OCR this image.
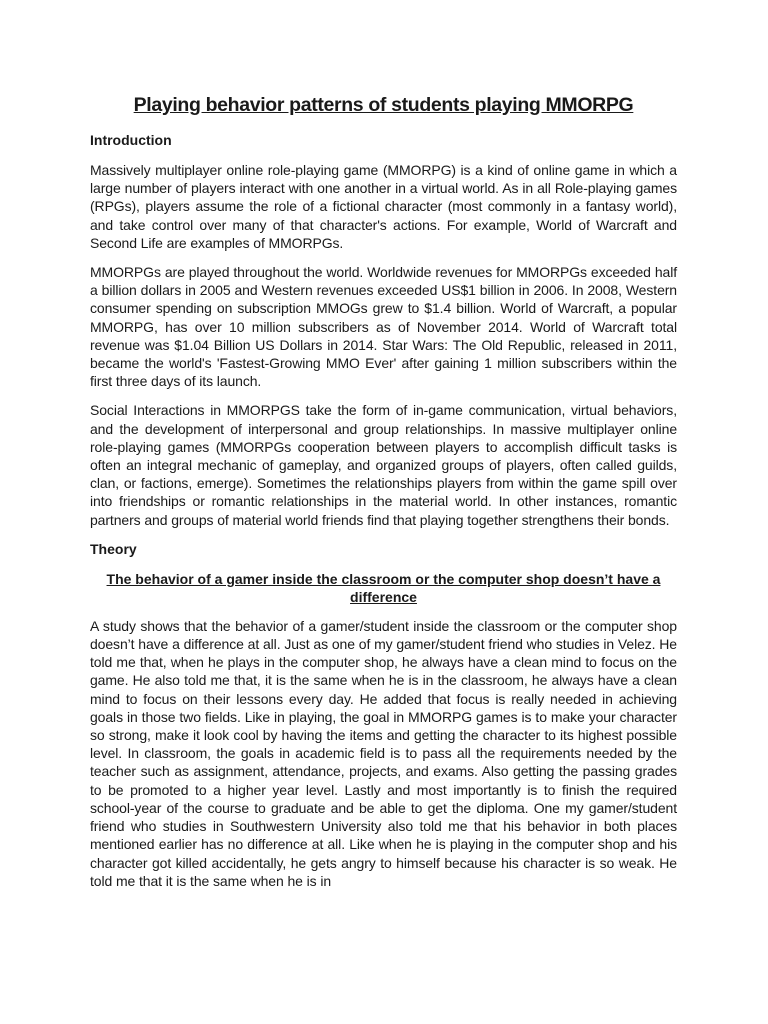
Playing behavior patterns of students playing MMORPG
Introduction

Massively multiplayer online role-playing game (MMORPG) is a kind of online game in which a large number of players interact with one another in a virtual world. As in all Role-playing games (RPGs), players assume the role of a fictional character (most commonly in a fantasy world), and take control over many of that character's actions. For example, World of Warcraft and Second Life are examples of MMORPGs.

MMORPGs are played throughout the world. Worldwide revenues for MMORPGs exceeded half a billion dollars in 2005 and Western revenues exceeded US$1 billion in 2006. In 2008, Western consumer spending on subscription MMOGs grew to $1.4 billion. World of Warcraft, a popular MMORPG, has over 10 million subscribers as of November 2014. World of Warcraft total revenue was $1.04 Billion US Dollars in 2014. Star Wars: The Old Republic, released in 2011, became the world's 'Fastest-Growing MMO Ever' after gaining 1 million subscribers within the first three days of its launch.

Social Interactions in MMORPGS take the form of in-game communication, virtual behaviors, and the development of interpersonal and group relationships. In massive multiplayer online role-playing games (MMORPGs cooperation between players to accomplish difficult tasks is often an integral mechanic of gameplay, and organized groups of players, often called guilds, clan, or factions, emerge). Sometimes the relationships players from within the game spill over into friendships or romantic relationships in the material world. In other instances, romantic partners and groups of material world friends find that playing together strengthens their bonds.

Theory
The behavior of a gamer inside the classroom or the computer shop doesn’t have a difference

A study shows that the behavior of a gamer/student inside the classroom or the computer shop doesn’t have a difference at all. Just as one of my gamer/student friend who studies in Velez. He told me that, when he plays in the computer shop, he always have a clean mind to focus on the game. He also told me that, it is the same when he is in the classroom, he always have a clean mind to focus on their lessons every day. He added that focus is really needed in achieving goals in those two fields. Like in playing, the goal in MMORPG games is to make your character so strong, make it look cool by having the items and getting the character to its highest possible level. In classroom, the goals in academic field is to pass all the requirements needed by the teacher such as assignment, attendance, projects, and exams. Also getting the passing grades to be promoted to a higher year level. Lastly and most importantly is to finish the required school-year of the course to graduate and be able to get the diploma. One my gamer/student friend who studies in Southwestern University also told me that his behavior in both places mentioned earlier has no difference at all. Like when he is playing in the computer shop and his character got killed accidentally, he gets angry to himself because his character is so weak. He told me that it is the same when he is in
